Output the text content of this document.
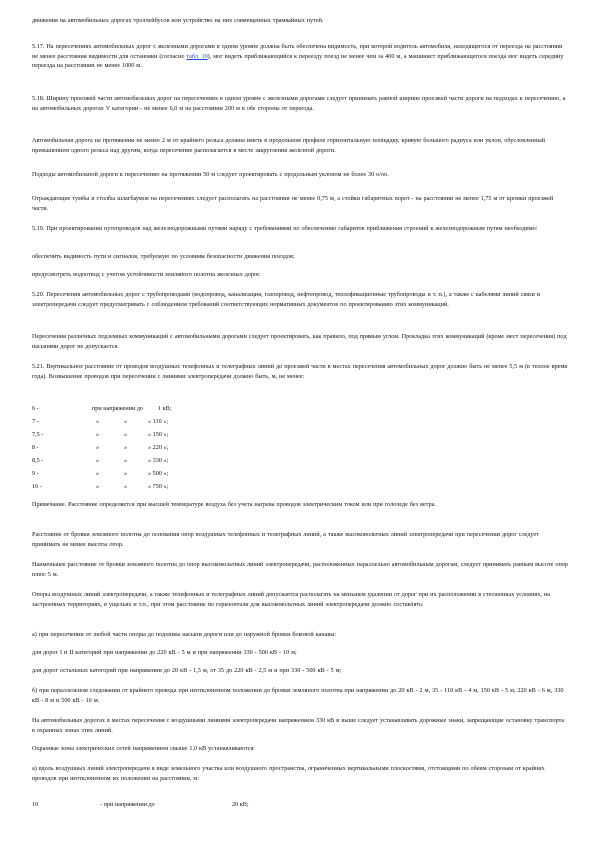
движения на автомобильных дорогах троллейбусов или устройство на них совмещенных трамвайных путей.

5.17. На пересечениях автомобильных дорог с железными дорогами в одном уровне должна быть обеспечена видимость, при которой водитель автомобиля, находящегося от переезда на расстоянии не менее расстояния видимости для остановки (согласно табл. 10), мог видеть приближающийся к переезду поезд не менее чем за 400 м, а машинист приближающегося поезда мог видеть середину переезда на расстоянии не менее 1000 м.

5.18. Ширину проезжей части автомобильных дорог на пересечениях в одном уровне с железными дорогами следует принимать равной ширине проезжей части дороги на подходах к пересечению, а на автомобильных дорогах V категории - не менее 6,0 м на расстоянии 200 м в обе стороны от переезда.

Автомобильная дорога на протяжении не менее 2 м от крайнего рельса должна иметь в продольном профиле горизонтальную площадку, кривую большого радиуса или уклон, обусловленный превышением одного рельса над другим, когда пересечение располагается в месте закругления железной дороги.

Подходы автомобильной дороги к пересечению на протяжении 50 м следует проектировать с продольным уклоном не более 30 о/оо.

Ограждающие тумбы и столбы шлагбаумов на пересечениях следует располагать на расстоянии не менее 0,75 м, а стойки габаритных ворот - на расстоянии не менее 1,75 м от кромки проезжей части.

5.19. При проектировании путепроводов над железнодорожными путями наряду с требованиями по обеспечению габаритов приближения строений к железнодорожным путям необходимо:

обеспечить видимость пути и сигналов, требуемую по условиям безопасности движения поездов;

предусмотреть водоотвод с учетом устойчивости земляного полотна железных дорог.

5.20. Пересечения автомобильных дорог с трубопроводами (водопровод, канализация, газопровод, нефтепровод, теплофикационные трубопроводы и т. п.), а также с кабелями линий связи и электропередачи следует предусматривать с соблюдением требований соответствующих нормативных документов по проектированию этих коммуникаций.

Пересечения различных подземных коммуникаций с автомобильными дорогами следует проектировать, как правило, под прямым углом. Прокладка этих коммуникаций (кроме мест пересечения) под насыпями дорог не допускается.

5.21. Вертикальное расстояние от проводов воздушных телефонных и телеграфных линий до проезжей части в местах пересечения автомобильных дорог должно быть не менее 5,5 м (в теплое время года). Возвышение проводов при пересечении с линиями электропередачи должно быть, м, не менее:

6 -	при напряжении до 1 кВ;
7 -	»	»	» 110 »;
7,5 -	»	»	» 150 »;
8 -	»	»	» 220 »;
8,5 -	»	»	» 330 »;
9 -	»	»	» 500 »;
16 -	»	»	» 750 »;

Примечание. Расстояние определяется при высшей температуре воздуха без учета нагрева проводов электрическим током или при гололеде без ветра.

Расстояние от бровки земляного полотна до основания опор воздушных телефонных и телеграфных линий, а также высоковольтных линий электропередачи при пересечении дорог следует принимать не менее высоты опор.

Наименьшее расстояние от бровки земляного полотна до опор высоковольтных линий электропередачи, расположенных параллельно автомобильным дорогам, следует принимать равным высоте опор плюс 5 м.

Опоры воздушных линий электропередачи, а также телефонных и телеграфных линий допускается располагать на меньшем удалении от дорог при их расположении в стесненных условиях, на застроенных территориях, в ущельях и т.п., при этом расстояние по горизонтали для высоковольтных линий электропередачи должно составлять:

а) при пересечении от любой части опоры до подошвы насыпи дороги или до наружной бровки боковой канавы:

для дорог I и II категорий при напряжении до 220 кВ - 5 м и при напряжении 330 - 500 кВ - 10 м;

для дорог остальных категорий при напряжении до 20 кВ - 1,5 м, от 35 до 220 кВ - 2,5 м и при 330 - 500 кВ - 5 м;

б) при параллельном следовании от крайнего провода при неотклоненном положении до бровки земляного полотна при напряжении до 20 кВ - 2 м, 35 - 110 кВ - 4 м, 150 кВ - 5 м, 220 кВ - 6 м, 330 кВ - 8 м и 500 кВ - 10 м.

На автомобильных дорогах в местах пересечения с воздушными линиями электропередачи напряжением 330 кВ и выше следует устанавливать дорожные знаки, запрещающие остановку транспорта в охранных зонах этих линий.

Охранные зоны электрических сетей напряжением свыше 1,0 кВ устанавливаются:

а) вдоль воздушных линий электропередачи в виде земельного участка или воздушного пространства, ограниченных вертикальными плоскостями, отстоящими по обеим сторонам от крайних проводов при неотклоненном их положении на расстоянии, м:

10	- при напряжении до	20 кВ;
